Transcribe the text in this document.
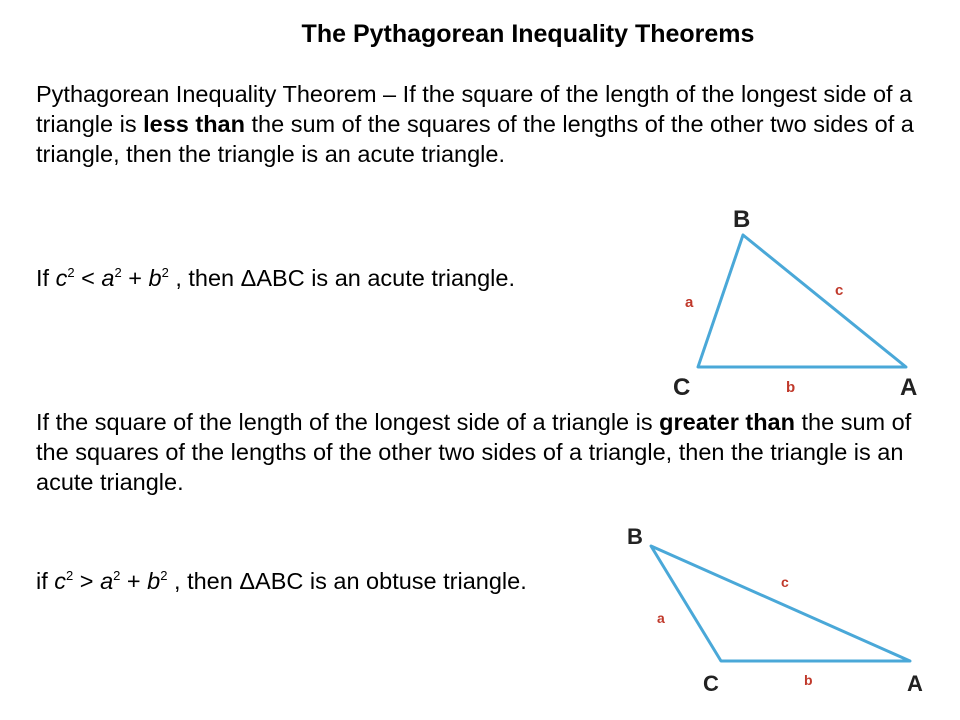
The Pythagorean Inequality Theorems
Pythagorean Inequality Theorem – If the square of the length of the longest side of a triangle is less than the sum of the squares of the lengths of the other two sides of a triangle, then the triangle is an acute triangle.
If $c^2 < a^2 + b^2$ , then ΔABC is an acute triangle.
If the square of the length of the longest side of a triangle is greater than the sum of the squares of the lengths of the other two sides of a triangle, then the triangle is an acute triangle.
if $c^2 > a^2 + b^2$ , then ΔABC is an obtuse triangle.
B
C	A
a
b
c
B
C	A
a
b
c
